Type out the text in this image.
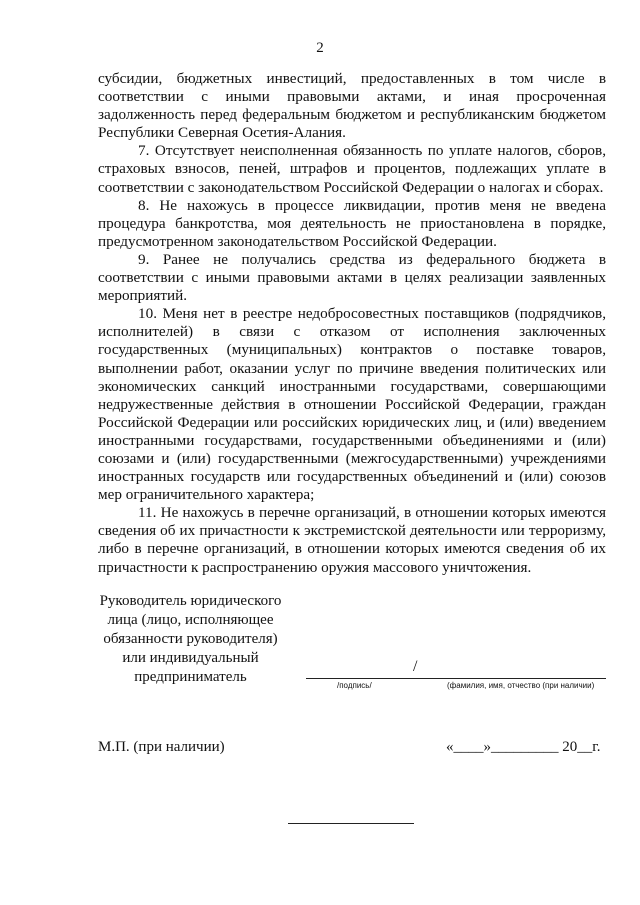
2

субсидии, бюджетных инвестиций, предоставленных в том числе в соответствии с иными правовыми актами, и иная просроченная задолженность перед федеральным бюджетом и республиканским бюджетом Республики Северная Осетия-Алания.

7. Отсутствует неисполненная обязанность по уплате налогов, сборов, страховых взносов, пеней, штрафов и процентов, подлежащих уплате в соответствии с законодательством Российской Федерации о налогах и сборах.

8. Не нахожусь в процессе ликвидации, против меня не введена процедура банкротства, моя деятельность не приостановлена в порядке, предусмотренном законодательством Российской Федерации.

9. Ранее не получались средства из федерального бюджета в соответствии с иными правовыми актами в целях реализации заявленных мероприятий.

10. Меня нет в реестре недобросовестных поставщиков (подрядчиков, исполнителей) в связи с отказом от исполнения заключенных государственных (муниципальных) контрактов о поставке товаров, выполнении работ, оказании услуг по причине введения политических или экономических санкций иностранными государствами, совершающими недружественные действия в отношении Российской Федерации, граждан Российской Федерации или российских юридических лиц, и (или) введением иностранными государствами, государственными объединениями и (или) союзами и (или) государственными (межгосударственными) учреждениями иностранных государств или государственных объединений и (или) союзов мер ограничительного характера;

11. Не нахожусь в перечне организаций, в отношении которых имеются сведения об их причастности к экстремистской деятельности или терроризму, либо в перечне организаций, в отношении которых имеются сведения об их причастности к распространению оружия массового уничтожения.

Руководитель юридического
лица (лицо, исполняющее
обязанности руководителя)
или индивидуальный
предприниматель
/
/подпись/	(фамилия, имя, отчество (при наличии)
М.П. (при наличии)	«____»_________ 20__г.
